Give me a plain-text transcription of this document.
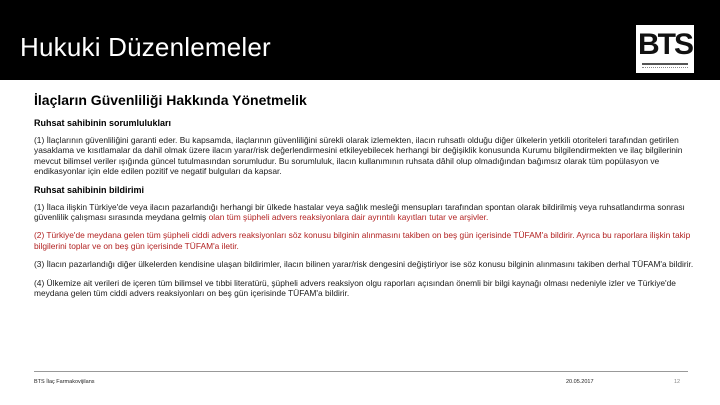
Hukuki Düzenlemeler	BTS
İlaçların Güvenliliği Hakkında Yönetmelik
Ruhsat sahibinin sorumlulukları

(1) İlaçlarının güvenliliğini garanti eder. Bu kapsamda, ilaçlarının güvenliliğini sürekli olarak izlemekten, ilacın ruhsatlı olduğu diğer ülkelerin yetkili otoriteleri tarafından getirilen yasaklama ve kısıtlamalar da dahil olmak üzere ilacın yarar/risk değerlendirmesini etkileyebilecek herhangi bir değişiklik konusunda Kurumu bilgilendirmekten ve ilaç bilgilerinin mevcut bilimsel veriler ışığında güncel tutulmasından sorumludur. Bu sorumluluk, ilacın kullanımının ruhsata dâhil olup olmadığından bağımsız olarak tüm popülasyon ve endikasyonlar için elde edilen pozitif ve negatif bulguları da kapsar.

Ruhsat sahibinin bildirimi

(1) İlaca ilişkin Türkiye'de veya ilacın pazarlandığı herhangi bir ülkede hastalar veya sağlık mesleği mensupları tarafından spontan olarak bildirilmiş veya ruhsatlandırma sonrası güvenlilik çalışması sırasında meydana gelmiş olan tüm şüpheli advers reaksiyonlara dair ayrıntılı kayıtları tutar ve arşivler.

(2) Türkiye'de meydana gelen tüm şüpheli ciddi advers reaksiyonları söz konusu bilginin alınmasını takiben on beş gün içerisinde TÜFAM'a bildirir. Ayrıca bu raporlara ilişkin takip bilgilerini toplar ve on beş gün içerisinde TÜFAM'a iletir.

(3) İlacın pazarlandığı diğer ülkelerden kendisine ulaşan bildirimler, ilacın bilinen yarar/risk dengesini değiştiriyor ise söz konusu bilginin alınmasını takiben derhal TÜFAM'a bildirir.

(4) Ülkemize ait verileri de içeren tüm bilimsel ve tıbbi literatürü, şüpheli advers reaksiyon olgu raporları açısından önemli bir bilgi kaynağı olması nedeniyle izler ve Türkiye'de meydana gelen tüm ciddi advers reaksiyonları on beş gün içerisinde TÜFAM'a bildirir.

BTS İlaç Farmakovijilans	20.05.2017	12
